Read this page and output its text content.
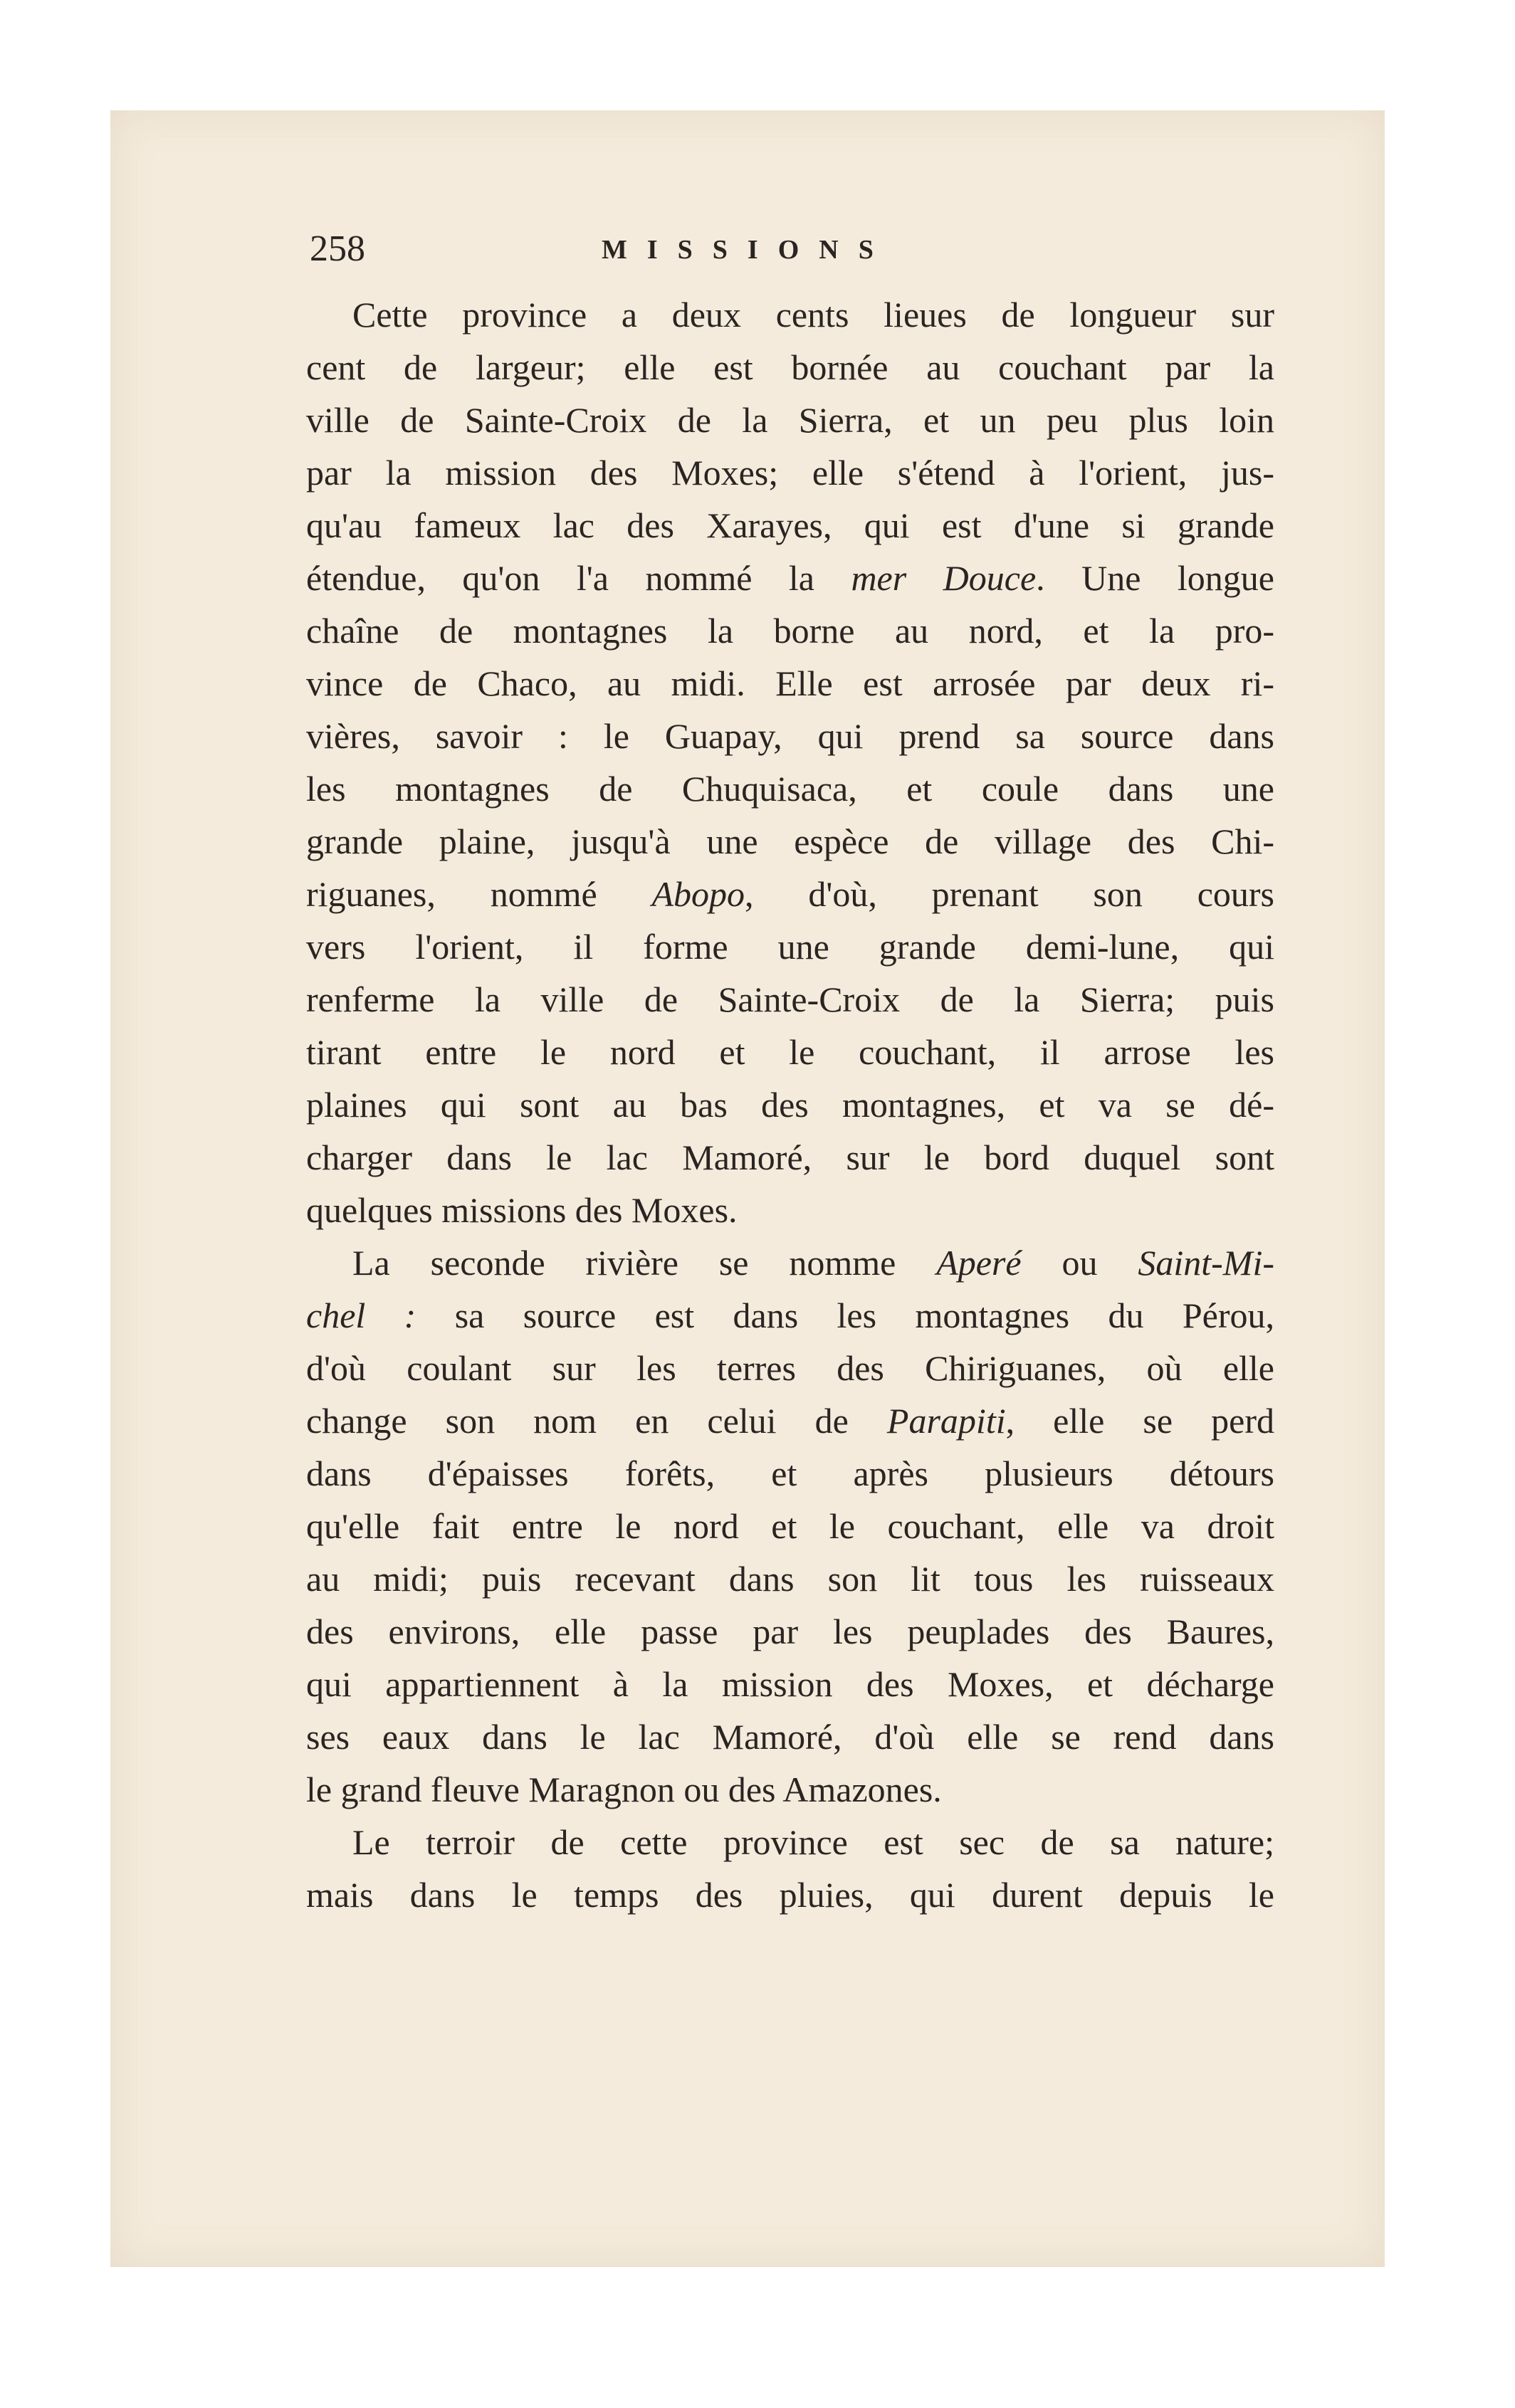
258	MISSIONS
Cette province a deux cents lieues de longueur sur
cent de largeur; elle est bornée au couchant par la
ville de Sainte-Croix de la Sierra, et un peu plus loin
par la mission des Moxes; elle s'étend à l'orient, jus-
qu'au fameux lac des Xarayes, qui est d'une si grande
étendue, qu'on l'a nommé la mer Douce. Une longue
chaîne de montagnes la borne au nord, et la pro-
vince de Chaco, au midi. Elle est arrosée par deux ri-
vières, savoir : le Guapay, qui prend sa source dans
les montagnes de Chuquisaca, et coule dans une
grande plaine, jusqu'à une espèce de village des Chi-
riguanes, nommé Abopo, d'où, prenant son cours
vers l'orient, il forme une grande demi-lune, qui
renferme la ville de Sainte-Croix de la Sierra; puis
tirant entre le nord et le couchant, il arrose les
plaines qui sont au bas des montagnes, et va se dé-
charger dans le lac Mamoré, sur le bord duquel sont
quelques missions des Moxes.
La seconde rivière se nomme Aperé ou Saint-Mi-
chel : sa source est dans les montagnes du Pérou,
d'où coulant sur les terres des Chiriguanes, où elle
change son nom en celui de Parapiti, elle se perd
dans d'épaisses forêts, et après plusieurs détours
qu'elle fait entre le nord et le couchant, elle va droit
au midi; puis recevant dans son lit tous les ruisseaux
des environs, elle passe par les peuplades des Baures,
qui appartiennent à la mission des Moxes, et décharge
ses eaux dans le lac Mamoré, d'où elle se rend dans
le grand fleuve Maragnon ou des Amazones.
Le terroir de cette province est sec de sa nature;
mais dans le temps des pluies, qui durent depuis le
